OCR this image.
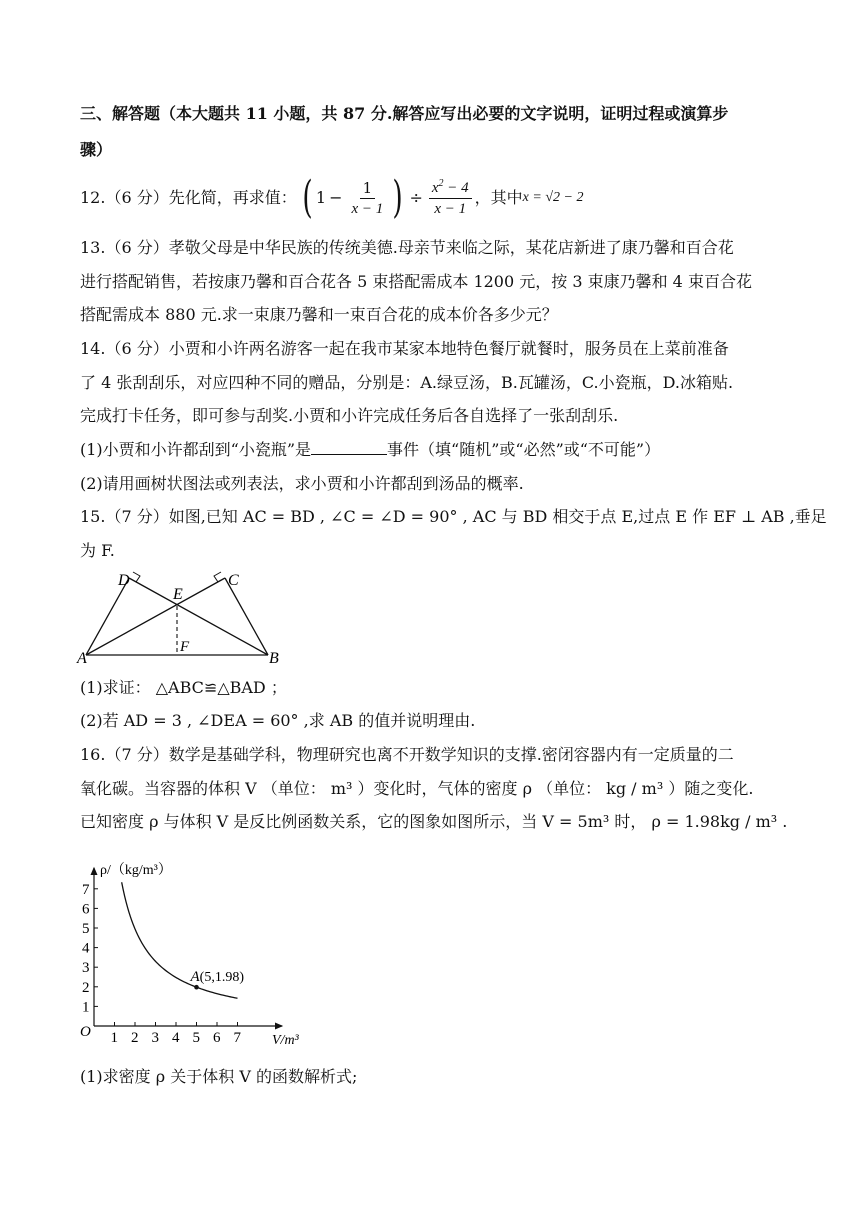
三、解答题（本大题共 11 小题，共 87 分.解答应写出必要的文字说明，证明过程或演算步
骤）
12.（6 分）先化简，再求值： ( $1 - \frac{1}{x - 1}$ ) ÷ $\frac{x^2 - 4}{x - 1}$ ，其中 x = √2 − 2
13.（6 分）孝敬父母是中华民族的传统美德.母亲节来临之际，某花店新进了康乃馨和百合花
进行搭配销售，若按康乃馨和百合花各 5 束搭配需成本 1200 元，按 3 束康乃馨和 4 束百合花
搭配需成本 880 元.求一束康乃馨和一束百合花的成本价各多少元？
14.（6 分）小贾和小许两名游客一起在我市某家本地特色餐厅就餐时，服务员在上菜前准备
了 4 张刮刮乐，对应四种不同的赠品，分别是：A.绿豆汤，B.瓦罐汤，C.小瓷瓶，D.冰箱贴.
完成打卡任务，即可参与刮奖.小贾和小许完成任务后各自选择了一张刮刮乐.
(1)小贾和小许都刮到“小瓷瓶”是	事件（填“随机”或“必然”或“不可能”）
(2)请用画树状图法或列表法，求小贾和小许都刮到汤品的概率.
15.（7 分）如图,已知 AC = BD , ∠C = ∠D = 90° , AC 与 BD 相交于点 E,过点 E 作 EF ⊥ AB ,垂足
为 F.
D	C
E
F
A	B
(1)求证： △ABC≌△BAD ；
(2)若 AD = 3 , ∠DEA = 60° ,求 AB 的值并说明理由.
16.（7 分）数学是基础学科，物理研究也离不开数学知识的支撑.密闭容器内有一定质量的二
氧化碳。当容器的体积 V （单位： m³ ）变化时，气体的密度 ρ （单位： kg / m³ ）随之变化.
已知密度 ρ 与体积 V 是反比例函数关系，它的图象如图所示，当 V = 5m³ 时， ρ = 1.98kg / m³ .
1 2 3 4 5 6 7
1
2
3
4
5
6
7
A(5,1.98)
O
ρ/（kg/m³）
V/m³
(1)求密度 ρ 关于体积 V 的函数解析式;
